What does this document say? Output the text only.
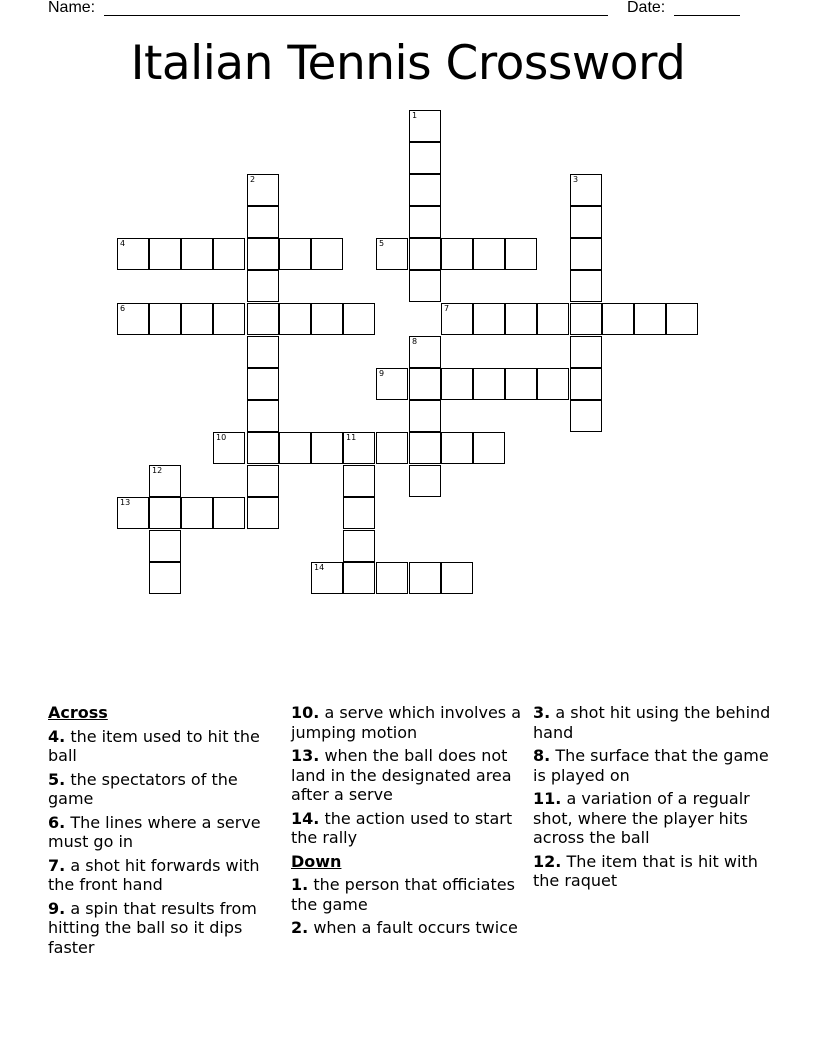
Name:	Date:
Italian Tennis Crossword
1
2	3
4	5
6	7
8
9
10	11
12
13
14
Across
4. the item used to hit the ball
5. the spectators of the game
6. The lines where a serve must go in
7. a shot hit forwards with the front hand
9. a spin that results from hitting the ball so it dips faster
10. a serve which involves a jumping motion
13. when the ball does not land in the designated area after a serve
14. the action used to start the rally
Down
1. the person that officiates the game
2. when a fault occurs twice
3. a shot hit using the behind hand
8. The surface that the game is played on
11. a variation of a regualr shot, where the player hits across the ball
12. The item that is hit with the raquet
